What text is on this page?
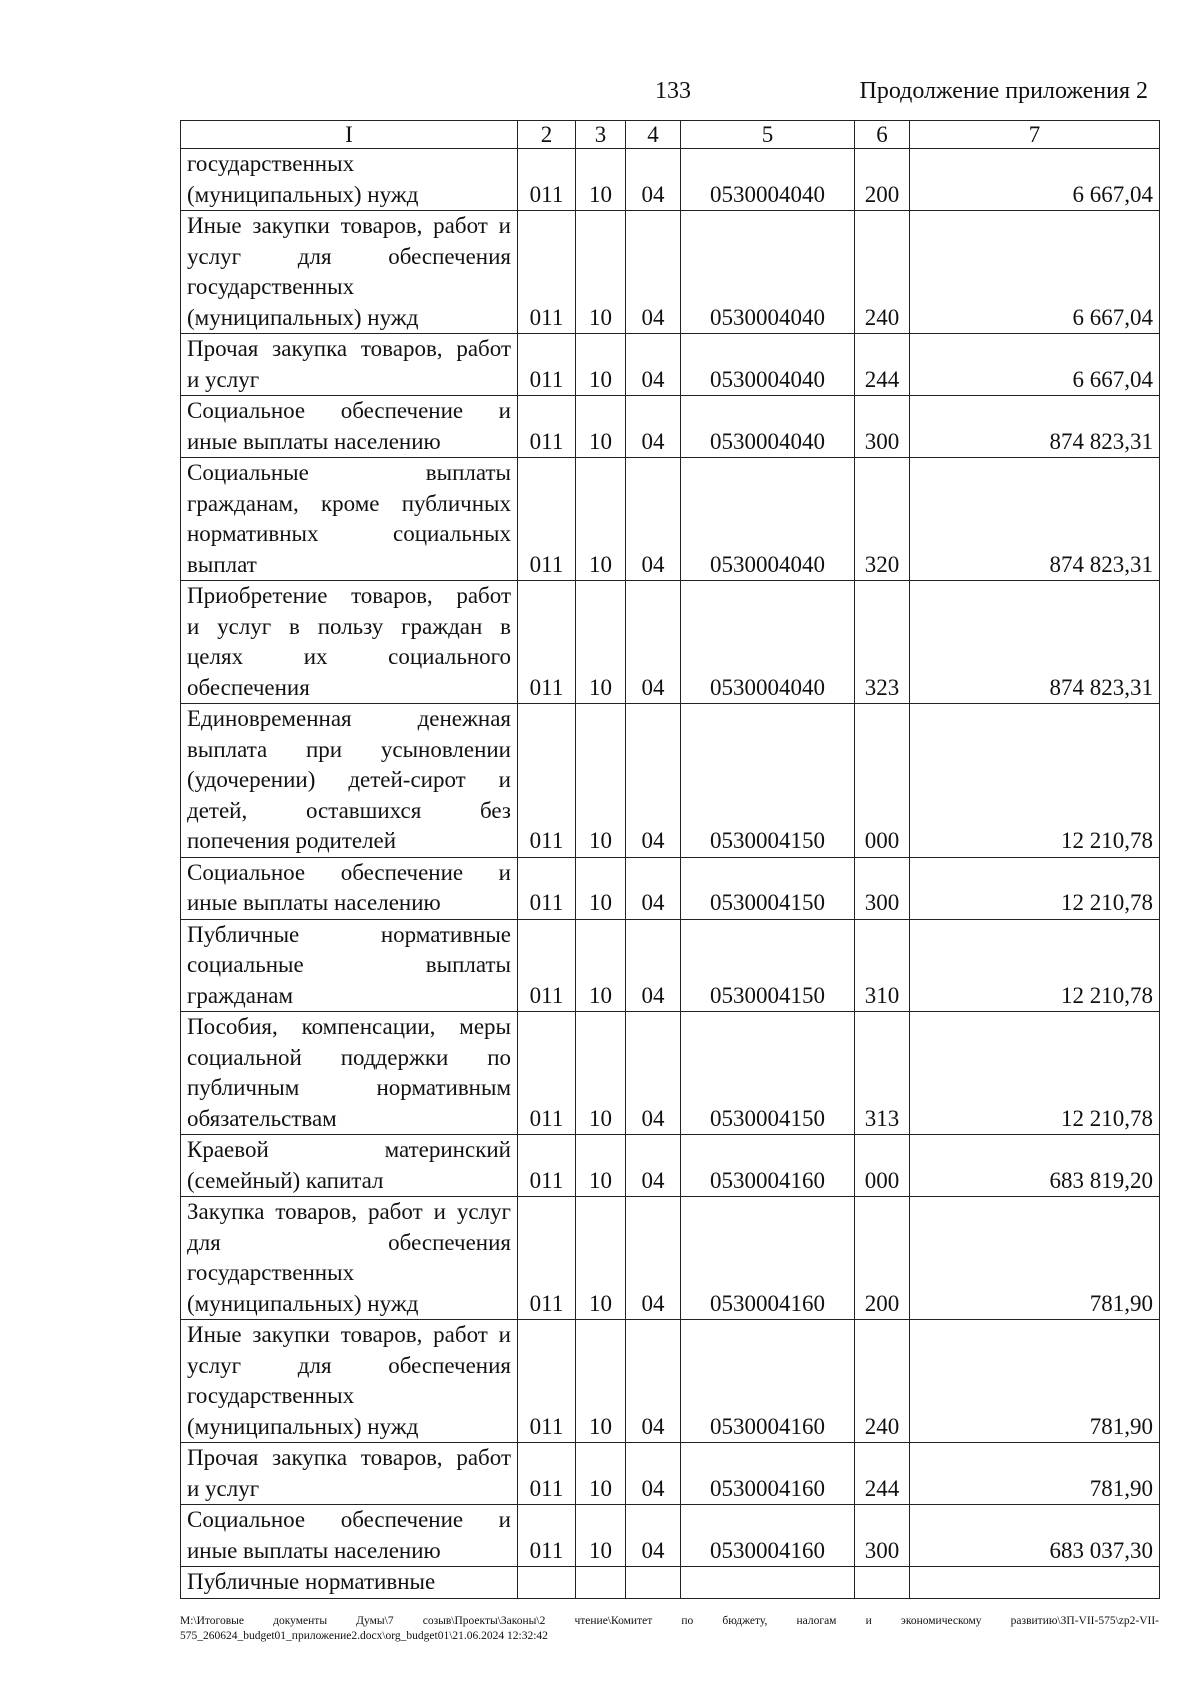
133	Продолжение приложения 2
I	2	3	4	5	6	7

государственных
(муниципальных) нужд	011	10	04	0530004040	200	6 667,04

Иные закупки товаров, работ и
услуг для обеспечения
государственных
(муниципальных) нужд	011	10	04	0530004040	240	6 667,04

Прочая закупка товаров, работ
и услуг	011	10	04	0530004040	244	6 667,04

Социальное обеспечение и
иные выплаты населению	011	10	04	0530004040	300	874 823,31

Социальные выплаты
гражданам, кроме публичных
нормативных социальных
выплат	011	10	04	0530004040	320	874 823,31

Приобретение товаров, работ
и услуг в пользу граждан в
целях их социального
обеспечения	011	10	04	0530004040	323	874 823,31

Единовременная денежная
выплата при усыновлении
(удочерении) детей-сирот и
детей, оставшихся без
попечения родителей	011	10	04	0530004150	000	12 210,78

Социальное обеспечение и
иные выплаты населению	011	10	04	0530004150	300	12 210,78

Публичные нормативные
социальные выплаты
гражданам	011	10	04	0530004150	310	12 210,78

Пособия, компенсации, меры
социальной поддержки по
публичным нормативным
обязательствам	011	10	04	0530004150	313	12 210,78

Краевой материнский
(семейный) капитал	011	10	04	0530004160	000	683 819,20

Закупка товаров, работ и услуг
для обеспечения
государственных
(муниципальных) нужд	011	10	04	0530004160	200	781,90

Иные закупки товаров, работ и
услуг для обеспечения
государственных
(муниципальных) нужд	011	10	04	0530004160	240	781,90

Прочая закупка товаров, работ
и услуг	011	10	04	0530004160	244	781,90

Социальное обеспечение и
иные выплаты населению	011	10	04	0530004160	300	683 037,30

Публичные нормативные						

M:\Итоговые документы Думы\7 созыв\Проекты\Законы\2 чтение\Комитет по бюджету, налогам и экономическому развитию\ЗП-VII-575\zp2-VII-575_260624_budget01_приложение2.docx\org_budget01\21.06.2024 12:32:42
